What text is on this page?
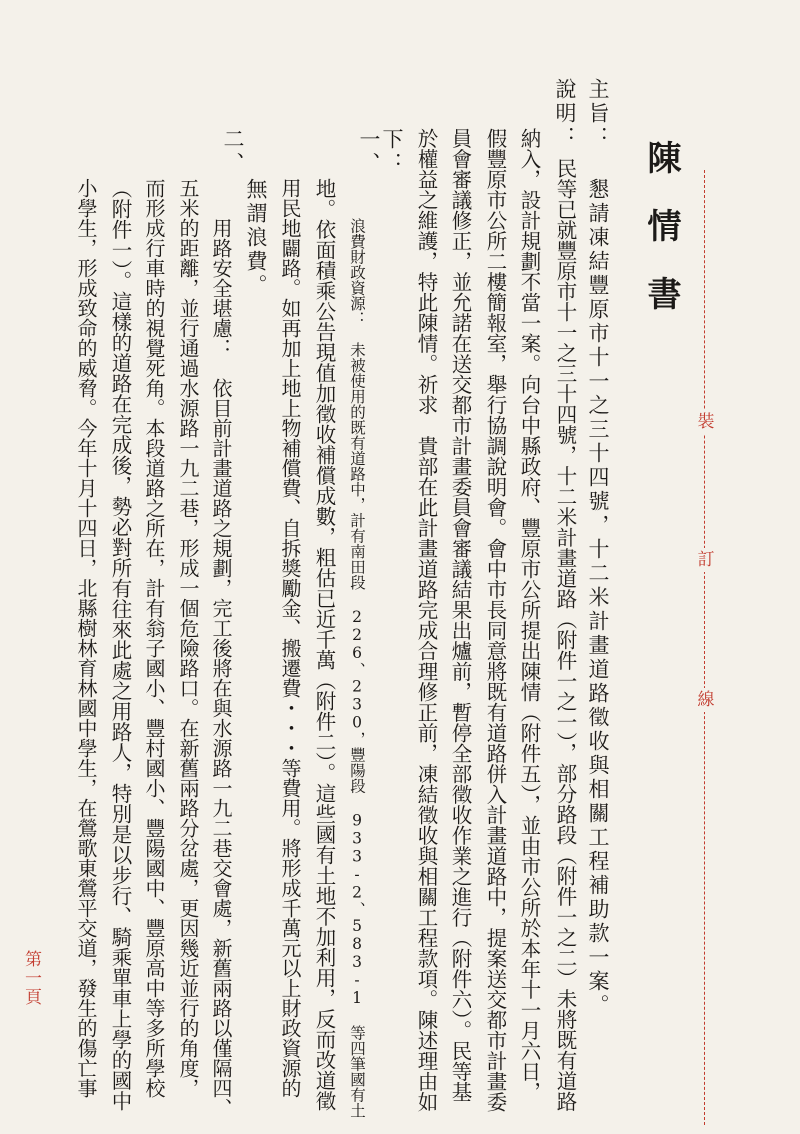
裝
訂
線
陳情書
主旨：
懇請凍結豐原市十一之三十四號，十二米計畫道路徵收與相關工程補助款一案。
說明：
民等已就豐原市十一之三十四號，十二米計畫道路（附件一之一），部分路段（附件一之二）未將既有道路
納入，設計規劃不當一案。向台中縣政府、豐原市公所提出陳情（附件五），並由市公所於本年十一月六日，
假豐原市公所二樓簡報室，舉行協調說明會。會中市長同意將既有道路併入計畫道路中，提案送交都市計畫委
員會審議修正，並允諾在送交都市計畫委員會審議結果出爐前，暫停全部徵收作業之進行（附件六）。民等基
於權益之維護，特此陳情。祈求　貴部在此計畫道路完成合理修正前，凍結徵收與相關工程款項。陳述理由如
下：
一、
浪費財政資源：　未被使用的既有道路中，計有南田段 226、230，豐陽段 933-2、583-1 等四筆國有土
地。依面積乘公告現值加徵收補償成數，粗估已近千萬（附件二）。這些國有土地不加利用，反而改道徵
用民地闢路。如再加上地上物補償費、自拆獎勵金、搬遷費・・・等費用。將形成千萬元以上財政資源的
無謂浪費。
二、
用路安全堪慮：　依目前計畫道路之規劃，完工後將在與水源路一九二巷交會處，新舊兩路以僅隔四、
五米的距離，並行通過水源路一九二巷，形成一個危險路口。在新舊兩路分岔處，更因幾近並行的角度，
而形成行車時的視覺死角。本段道路之所在，計有翁子國小、豐村國小、豐陽國中、豐原高中等多所學校
（附件一）。這樣的道路在完成後，勢必對所有往來此處之用路人，特別是以步行、騎乘單車上學的國中
小學生，形成致命的威脅。今年十月十四日，北縣樹林育林國中學生，在鶯歌東鶯平交道，發生的傷亡事
第一頁
